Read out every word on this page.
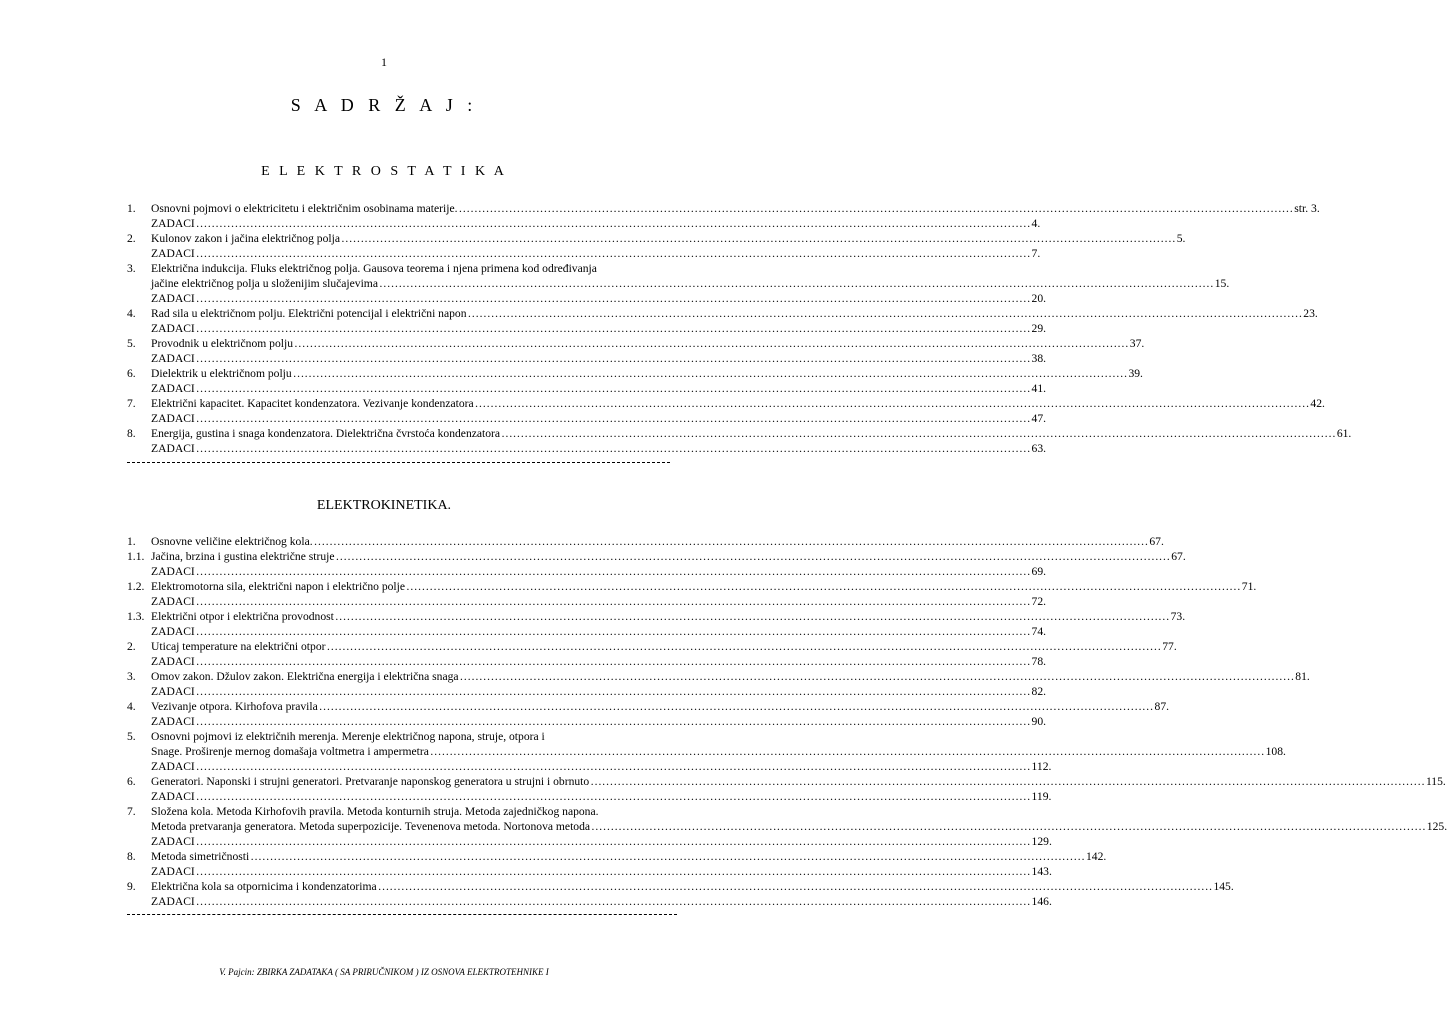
1
S A D R Ž A J :
E L E K T R O S T A T I K A
1.	Osnovni pojmovi o elektricitetu i električnim osobinama materije. ………………………………………………………………………………………………………………………………………………………………………………………………	str. 3.
ZADACI ………………………………………………………………………………………………………………………………………………………………………………………………	4.
2.	Kulonov zakon i jačina električnog polja ………………………………………………………………………………………………………………………………………………………………………………………………	5.
ZADACI ………………………………………………………………………………………………………………………………………………………………………………………………	7.
3.	Električna indukcija. Fluks električnog polja. Gausova teorema i njena primena kod određivanja
jačine električnog polja u složenijim slučajevima ………………………………………………………………………………………………………………………………………………………………………………………………	15.
ZADACI ………………………………………………………………………………………………………………………………………………………………………………………………	20.
4.	Rad sila u električnom polju. Električni potencijal i električni napon ………………………………………………………………………………………………………………………………………………………………………………………………	23.
ZADACI ………………………………………………………………………………………………………………………………………………………………………………………………	29.
5.	Provodnik u električnom polju ………………………………………………………………………………………………………………………………………………………………………………………………	37.
ZADACI ………………………………………………………………………………………………………………………………………………………………………………………………	38.
6.	Dielektrik u električnom polju ………………………………………………………………………………………………………………………………………………………………………………………………	39.
ZADACI ………………………………………………………………………………………………………………………………………………………………………………………………	41.
7.	Električni kapacitet. Kapacitet kondenzatora. Vezivanje kondenzatora ………………………………………………………………………………………………………………………………………………………………………………………………	42.
ZADACI ………………………………………………………………………………………………………………………………………………………………………………………………	47.
8.	Energija, gustina i snaga kondenzatora. Dielektrična čvrstoća kondenzatora ………………………………………………………………………………………………………………………………………………………………………………………………	61.
ZADACI ………………………………………………………………………………………………………………………………………………………………………………………………	63.
ELEKTROKINETIKA.
1.	Osnovne veličine električnog kola. ………………………………………………………………………………………………………………………………………………………………………………………………	67.
1.1. Jačina, brzina i gustina električne struje ………………………………………………………………………………………………………………………………………………………………………………………………	67.
ZADACI ………………………………………………………………………………………………………………………………………………………………………………………………	69.
1.2. Elektromotorna sila, električni napon i električno polje ………………………………………………………………………………………………………………………………………………………………………………………………	71.
ZADACI ………………………………………………………………………………………………………………………………………………………………………………………………	72.
1.3. Električni otpor i električna provodnost ………………………………………………………………………………………………………………………………………………………………………………………………	73.
ZADACI ………………………………………………………………………………………………………………………………………………………………………………………………	74.
2.	Uticaj temperature na električni otpor ………………………………………………………………………………………………………………………………………………………………………………………………	77.
ZADACI ………………………………………………………………………………………………………………………………………………………………………………………………	78.
3.	Omov zakon. Džulov zakon. Električna energija i električna snaga ………………………………………………………………………………………………………………………………………………………………………………………………	81.
ZADACI ………………………………………………………………………………………………………………………………………………………………………………………………	82.
4.	Vezivanje otpora. Kirhofova pravila ………………………………………………………………………………………………………………………………………………………………………………………………	87.
ZADACI ………………………………………………………………………………………………………………………………………………………………………………………………	90.
5.	Osnovni pojmovi iz električnih merenja. Merenje električnog napona, struje, otpora i
Snage. Proširenje mernog domašaja voltmetra i ampermetra ………………………………………………………………………………………………………………………………………………………………………………………………	108.
ZADACI ………………………………………………………………………………………………………………………………………………………………………………………………	112.
6.	Generatori. Naponski i strujni generatori. Pretvaranje naponskog generatora u strujni i obrnuto ………………………………………………………………………………………………………………………………………………………………………………………………	115.
ZADACI ………………………………………………………………………………………………………………………………………………………………………………………………	119.
7.	Složena kola. Metoda Kirhofovih pravila. Metoda konturnih struja. Metoda zajedničkog napona.
Metoda pretvaranja generatora. Metoda superpozicije. Tevenenova metoda. Nortonova metoda ………………………………………………………………………………………………………………………………………………………………………………………………	125.
ZADACI ………………………………………………………………………………………………………………………………………………………………………………………………	129.
8.	Metoda simetričnosti ………………………………………………………………………………………………………………………………………………………………………………………………	142.
ZADACI ………………………………………………………………………………………………………………………………………………………………………………………………	143.
9.	Električna kola sa otpornicima i kondenzatorima ………………………………………………………………………………………………………………………………………………………………………………………………	145.
ZADACI ………………………………………………………………………………………………………………………………………………………………………………………………	146.
V. Pajcin: ZBIRKA ZADATAKA ( SA PRIRUČNIKOM ) IZ OSNOVA ELEKTROTEHNIKE I
